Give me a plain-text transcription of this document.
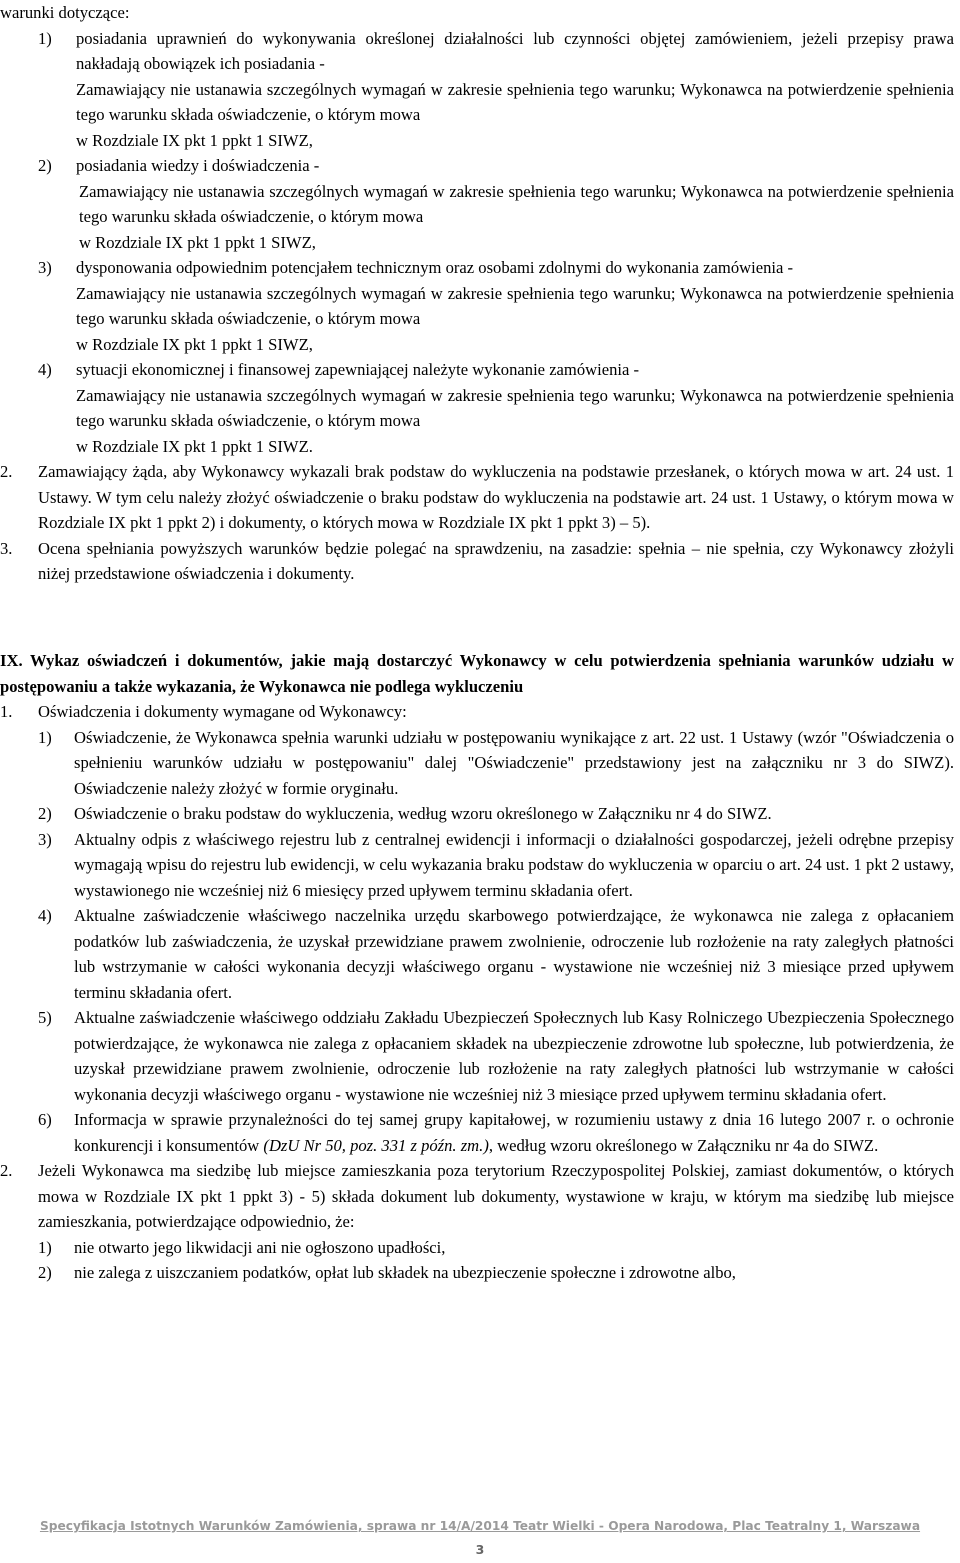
warunki dotyczące:

1)	posiadania uprawnień do wykonywania określonej działalności lub czynności objętej zamówieniem, jeżeli przepisy prawa nakładają obowiązek ich posiadania -

Zamawiający nie ustanawia szczególnych wymagań w zakresie spełnienia tego warunku; Wykonawca na potwierdzenie spełnienia tego warunku składa oświadczenie, o którym mowa

w Rozdziale IX pkt 1 ppkt 1 SIWZ,

2)	posiadania wiedzy i doświadczenia -

Zamawiający nie ustanawia szczególnych wymagań w zakresie spełnienia tego warunku; Wykonawca na potwierdzenie spełnienia tego warunku składa oświadczenie, o którym mowa

w Rozdziale IX pkt 1 ppkt 1 SIWZ,

3)	dysponowania odpowiednim potencjałem technicznym oraz osobami zdolnymi do wykonania zamówienia -

Zamawiający nie ustanawia szczególnych wymagań w zakresie spełnienia tego warunku; Wykonawca na potwierdzenie spełnienia tego warunku składa oświadczenie, o którym mowa

w Rozdziale IX pkt 1 ppkt 1 SIWZ,

4)	sytuacji ekonomicznej i finansowej zapewniającej należyte wykonanie zamówienia -

Zamawiający nie ustanawia szczególnych wymagań w zakresie spełnienia tego warunku; Wykonawca na potwierdzenie spełnienia tego warunku składa oświadczenie, o którym mowa

w Rozdziale IX pkt 1 ppkt 1 SIWZ.

2.	Zamawiający żąda, aby Wykonawcy wykazali brak podstaw do wykluczenia na podstawie przesłanek, o których mowa w art. 24 ust. 1 Ustawy. W tym celu należy złożyć oświadczenie o braku podstaw do wykluczenia na podstawie art. 24 ust. 1 Ustawy, o którym mowa w Rozdziale IX pkt 1 ppkt 2) i dokumenty, o których mowa w Rozdziale IX pkt 1 ppkt 3) – 5).

3.	Ocena spełniania powyższych warunków będzie polegać na sprawdzeniu, na zasadzie: spełnia – nie spełnia, czy Wykonawcy złożyli niżej przedstawione oświadczenia i dokumenty.

IX. Wykaz oświadczeń i dokumentów, jakie mają dostarczyć Wykonawcy w celu potwierdzenia spełniania warunków udziału w postępowaniu a także wykazania, że Wykonawca nie podlega wykluczeniu

1.	Oświadczenia i dokumenty wymagane od Wykonawcy:

1)	Oświadczenie, że Wykonawca spełnia warunki udziału w postępowaniu wynikające z art. 22 ust. 1 Ustawy (wzór "Oświadczenia o spełnieniu warunków udziału w postępowaniu" dalej "Oświadczenie" przedstawiony jest na załączniku nr 3 do SIWZ). Oświadczenie należy złożyć w formie oryginału.

2)	Oświadczenie o braku podstaw do wykluczenia, według wzoru określonego w Załączniku nr 4 do SIWZ.

3)	Aktualny odpis z właściwego rejestru lub z centralnej ewidencji i informacji o działalności gospodarczej, jeżeli odrębne przepisy wymagają wpisu do rejestru lub ewidencji, w celu wykazania braku podstaw do wykluczenia w oparciu o art. 24 ust. 1 pkt 2 ustawy, wystawionego nie wcześniej niż 6 miesięcy przed upływem terminu składania ofert.

4)	Aktualne zaświadczenie właściwego naczelnika urzędu skarbowego potwierdzające, że wykonawca nie zalega z opłacaniem podatków lub zaświadczenia, że uzyskał przewidziane prawem zwolnienie, odroczenie lub rozłożenie na raty zaległych płatności lub wstrzymanie w całości wykonania decyzji właściwego organu - wystawione nie wcześniej niż 3 miesiące przed upływem terminu składania ofert.

5)	Aktualne zaświadczenie właściwego oddziału Zakładu Ubezpieczeń Społecznych lub Kasy Rolniczego Ubezpieczenia Społecznego potwierdzające, że wykonawca nie zalega z opłacaniem składek na ubezpieczenie zdrowotne lub społeczne, lub potwierdzenia, że uzyskał przewidziane prawem zwolnienie, odroczenie lub rozłożenie na raty zaległych płatności lub wstrzymanie w całości wykonania decyzji właściwego organu - wystawione nie wcześniej niż 3 miesiące przed upływem terminu składania ofert.

6)	Informacja w sprawie przynależności do tej samej grupy kapitałowej, w rozumieniu ustawy z dnia 16 lutego 2007 r. o ochronie konkurencji i konsumentów (DzU Nr 50, poz. 331 z późn. zm.), według wzoru określonego w Załączniku nr 4a do SIWZ.

2.	Jeżeli Wykonawca ma siedzibę lub miejsce zamieszkania poza terytorium Rzeczypospolitej Polskiej, zamiast dokumentów, o których mowa w Rozdziale IX pkt 1 ppkt 3) - 5) składa dokument lub dokumenty, wystawione w kraju, w którym ma siedzibę lub miejsce zamieszkania, potwierdzające odpowiednio, że:

1)	nie otwarto jego likwidacji ani nie ogłoszono upadłości,

2)	nie zalega z uiszczaniem podatków, opłat lub składek na ubezpieczenie społeczne i zdrowotne albo,

Specyfikacja Istotnych Warunków Zamówienia, sprawa nr 14/A/2014 Teatr Wielki - Opera Narodowa, Plac Teatralny 1, Warszawa
3
